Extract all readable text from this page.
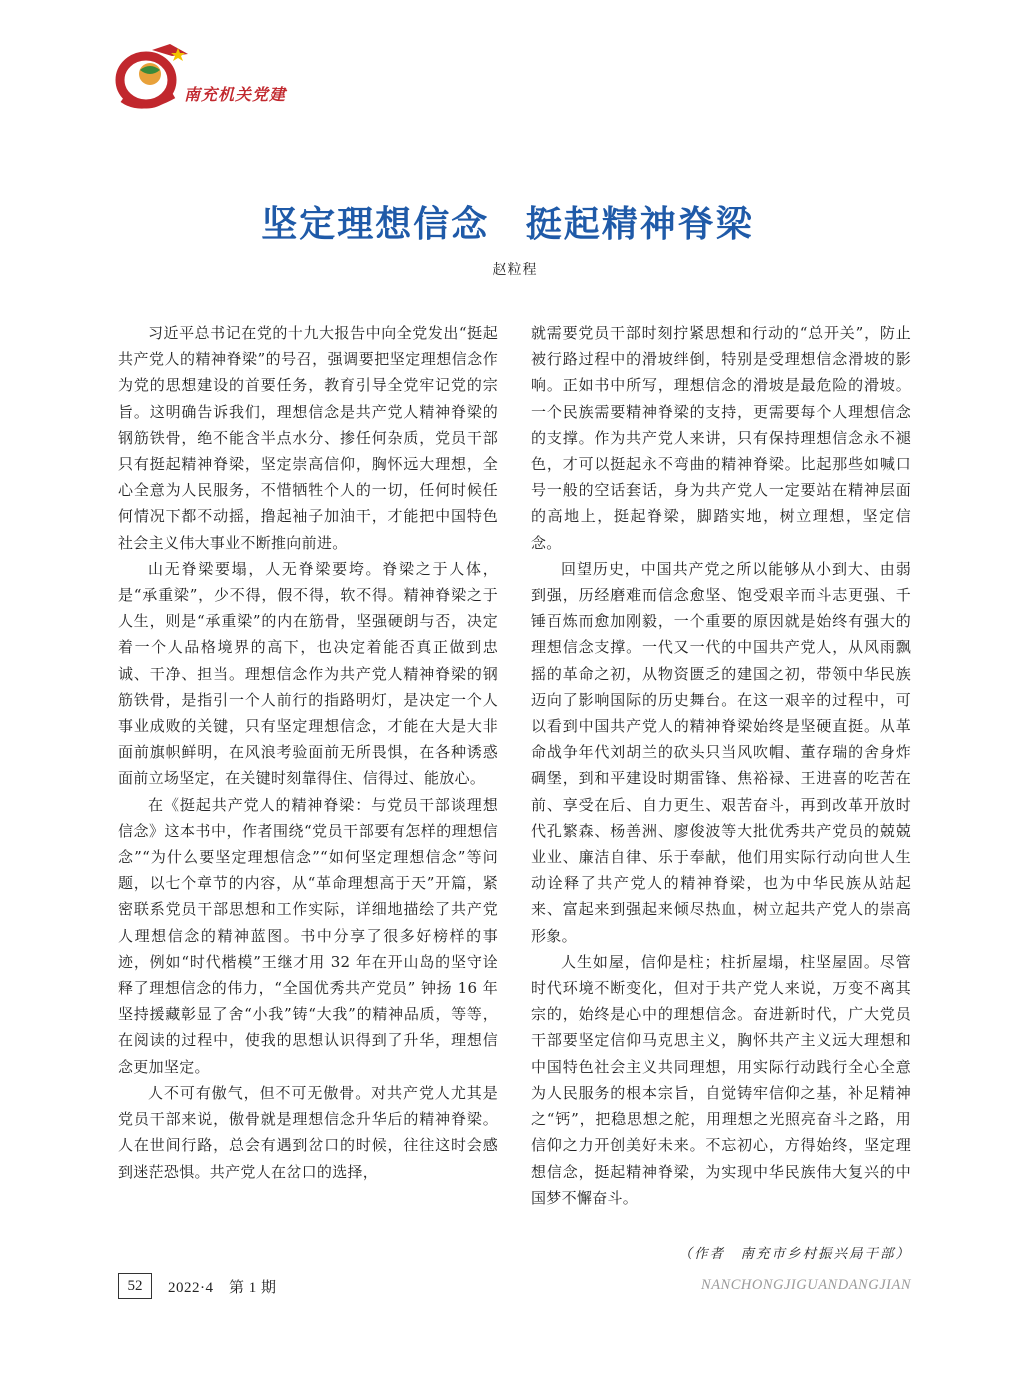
南充机关党建
坚定理想信念 挺起精神脊梁
赵粒程

习近平总书记在党的十九大报告中向全党发出“挺起共产党人的精神脊梁”的号召，强调要把坚定理想信念作为党的思想建设的首要任务，教育引导全党牢记党的宗旨。这明确告诉我们，理想信念是共产党人精神脊梁的钢筋铁骨，绝不能含半点水分、掺任何杂质，党员干部只有挺起精神脊梁，坚定崇高信仰，胸怀远大理想，全心全意为人民服务，不惜牺牲个人的一切，任何时候任何情况下都不动摇，撸起袖子加油干，才能把中国特色社会主义伟大事业不断推向前进。

山无脊梁要塌，人无脊梁要垮。脊梁之于人体，是“承重梁”，少不得，假不得，软不得。精神脊梁之于人生，则是“承重梁”的内在筋骨，坚强硬朗与否，决定着一个人品格境界的高下，也决定着能否真正做到忠诚、干净、担当。理想信念作为共产党人精神脊梁的钢筋铁骨，是指引一个人前行的指路明灯，是决定一个人事业成败的关键，只有坚定理想信念，才能在大是大非面前旗帜鲜明，在风浪考验面前无所畏惧，在各种诱惑面前立场坚定，在关键时刻靠得住、信得过、能放心。

在《挺起共产党人的精神脊梁：与党员干部谈理想信念》这本书中，作者围绕“党员干部要有怎样的理想信念”“为什么要坚定理想信念”“如何坚定理想信念”等问题，以七个章节的内容，从“革命理想高于天”开篇，紧密联系党员干部思想和工作实际，详细地描绘了共产党人理想信念的精神蓝图。书中分享了很多好榜样的事迹，例如“时代楷模”王继才用 32 年在开山岛的坚守诠释了理想信念的伟力，“全国优秀共产党员” 钟扬 16 年坚持援藏彰显了舍“小我”铸“大我”的精神品质，等等，在阅读的过程中，使我的思想认识得到了升华，理想信念更加坚定。

人不可有傲气，但不可无傲骨。对共产党人尤其是党员干部来说，傲骨就是理想信念升华后的精神脊梁。人在世间行路，总会有遇到岔口的时候，往往这时会感到迷茫恐惧。共产党人在岔口的选择，

就需要党员干部时刻拧紧思想和行动的“总开关”，防止被行路过程中的滑坡绊倒，特别是受理想信念滑坡的影响。正如书中所写，理想信念的滑坡是最危险的滑坡。一个民族需要精神脊梁的支持，更需要每个人理想信念的支撑。作为共产党人来讲，只有保持理想信念永不褪色，才可以挺起永不弯曲的精神脊梁。比起那些如喊口号一般的空话套话，身为共产党人一定要站在精神层面的高地上，挺起脊梁，脚踏实地，树立理想，坚定信念。

回望历史，中国共产党之所以能够从小到大、由弱到强，历经磨难而信念愈坚、饱受艰辛而斗志更强、千锤百炼而愈加刚毅，一个重要的原因就是始终有强大的理想信念支撑。一代又一代的中国共产党人，从风雨飘摇的革命之初，从物资匮乏的建国之初，带领中华民族迈向了影响国际的历史舞台。在这一艰辛的过程中，可以看到中国共产党人的精神脊梁始终是坚硬直挺。从革命战争年代刘胡兰的砍头只当风吹帽、董存瑞的舍身炸碉堡，到和平建设时期雷锋、焦裕禄、王进喜的吃苦在前、享受在后、自力更生、艰苦奋斗，再到改革开放时代孔繁森、杨善洲、廖俊波等大批优秀共产党员的兢兢业业、廉洁自律、乐于奉献，他们用实际行动向世人生动诠释了共产党人的精神脊梁，也为中华民族从站起来、富起来到强起来倾尽热血，树立起共产党人的崇高形象。

人生如屋，信仰是柱；柱折屋塌，柱坚屋固。尽管时代环境不断变化，但对于共产党人来说，万变不离其宗的，始终是心中的理想信念。奋进新时代，广大党员干部要坚定信仰马克思主义，胸怀共产主义远大理想和中国特色社会主义共同理想，用实际行动践行全心全意为人民服务的根本宗旨，自觉铸牢信仰之基，补足精神之“钙”，把稳思想之舵，用理想之光照亮奋斗之路，用信仰之力开创美好未来。不忘初心，方得始终，坚定理想信念，挺起精神脊梁，为实现中华民族伟大复兴的中国梦不懈奋斗。

（作者　南充市乡村振兴局干部）
52	2022·4　第 1 期	NANCHONGJIGUANDANGJIAN
